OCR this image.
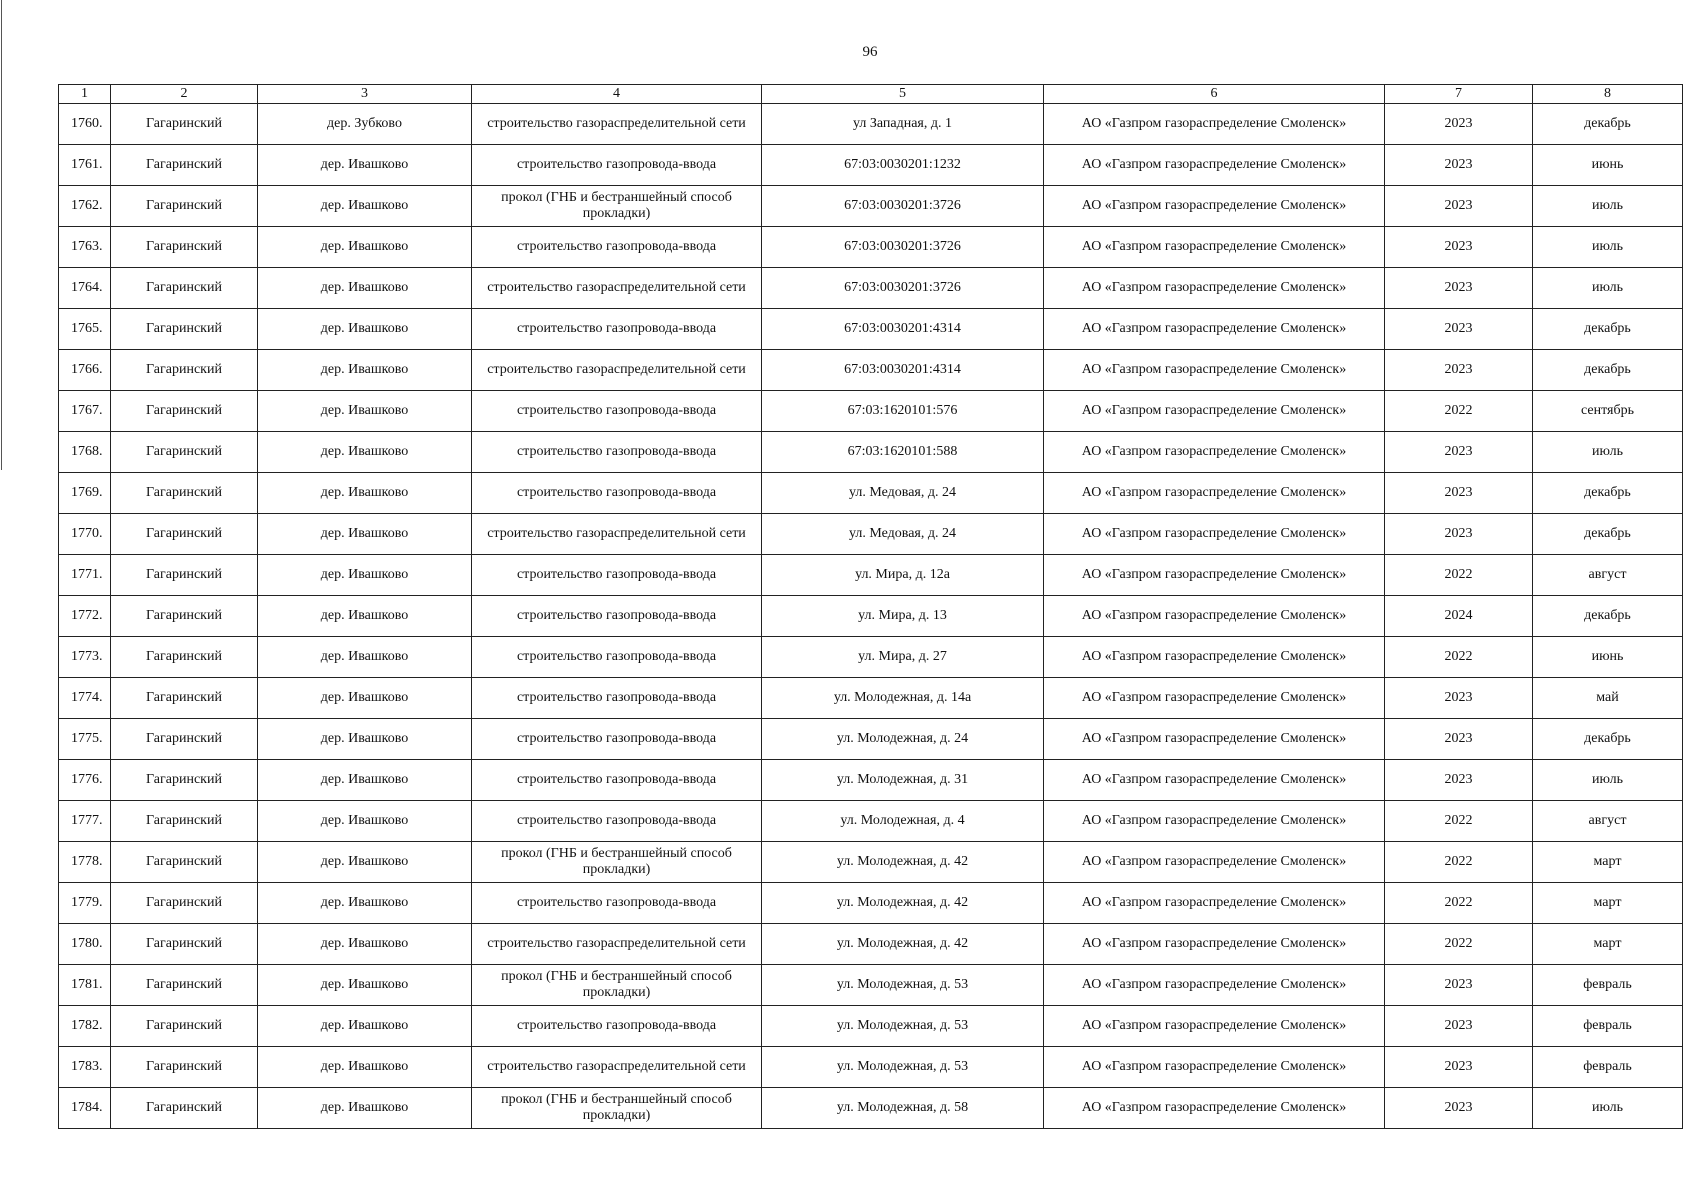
96
1	2	3	4	5	6	7	8
1760.	Гагаринский	дер. Зубково	строительство газораспределительной сети	ул Западная, д. 1	АО «Газпром газораспределение Смоленск»	2023	декабрь
1761.	Гагаринский	дер. Ивашково	строительство газопровода-ввода	67:03:0030201:1232	АО «Газпром газораспределение Смоленск»	2023	июнь
1762.	Гагаринский	дер. Ивашково	прокол (ГНБ и бестраншейный способ прокладки)	67:03:0030201:3726	АО «Газпром газораспределение Смоленск»	2023	июль
1763.	Гагаринский	дер. Ивашково	строительство газопровода-ввода	67:03:0030201:3726	АО «Газпром газораспределение Смоленск»	2023	июль
1764.	Гагаринский	дер. Ивашково	строительство газораспределительной сети	67:03:0030201:3726	АО «Газпром газораспределение Смоленск»	2023	июль
1765.	Гагаринский	дер. Ивашково	строительство газопровода-ввода	67:03:0030201:4314	АО «Газпром газораспределение Смоленск»	2023	декабрь
1766.	Гагаринский	дер. Ивашково	строительство газораспределительной сети	67:03:0030201:4314	АО «Газпром газораспределение Смоленск»	2023	декабрь
1767.	Гагаринский	дер. Ивашково	строительство газопровода-ввода	67:03:1620101:576	АО «Газпром газораспределение Смоленск»	2022	сентябрь
1768.	Гагаринский	дер. Ивашково	строительство газопровода-ввода	67:03:1620101:588	АО «Газпром газораспределение Смоленск»	2023	июль
1769.	Гагаринский	дер. Ивашково	строительство газопровода-ввода	ул. Медовая, д. 24	АО «Газпром газораспределение Смоленск»	2023	декабрь
1770.	Гагаринский	дер. Ивашково	строительство газораспределительной сети	ул. Медовая, д. 24	АО «Газпром газораспределение Смоленск»	2023	декабрь
1771.	Гагаринский	дер. Ивашково	строительство газопровода-ввода	ул. Мира, д. 12а	АО «Газпром газораспределение Смоленск»	2022	август
1772.	Гагаринский	дер. Ивашково	строительство газопровода-ввода	ул. Мира, д. 13	АО «Газпром газораспределение Смоленск»	2024	декабрь
1773.	Гагаринский	дер. Ивашково	строительство газопровода-ввода	ул. Мира, д. 27	АО «Газпром газораспределение Смоленск»	2022	июнь
1774.	Гагаринский	дер. Ивашково	строительство газопровода-ввода	ул. Молодежная, д. 14а	АО «Газпром газораспределение Смоленск»	2023	май
1775.	Гагаринский	дер. Ивашково	строительство газопровода-ввода	ул. Молодежная, д. 24	АО «Газпром газораспределение Смоленск»	2023	декабрь
1776.	Гагаринский	дер. Ивашково	строительство газопровода-ввода	ул. Молодежная, д. 31	АО «Газпром газораспределение Смоленск»	2023	июль
1777.	Гагаринский	дер. Ивашково	строительство газопровода-ввода	ул. Молодежная, д. 4	АО «Газпром газораспределение Смоленск»	2022	август
1778.	Гагаринский	дер. Ивашково	прокол (ГНБ и бестраншейный способ прокладки)	ул. Молодежная, д. 42	АО «Газпром газораспределение Смоленск»	2022	март
1779.	Гагаринский	дер. Ивашково	строительство газопровода-ввода	ул. Молодежная, д. 42	АО «Газпром газораспределение Смоленск»	2022	март
1780.	Гагаринский	дер. Ивашково	строительство газораспределительной сети	ул. Молодежная, д. 42	АО «Газпром газораспределение Смоленск»	2022	март
1781.	Гагаринский	дер. Ивашково	прокол (ГНБ и бестраншейный способ прокладки)	ул. Молодежная, д. 53	АО «Газпром газораспределение Смоленск»	2023	февраль
1782.	Гагаринский	дер. Ивашково	строительство газопровода-ввода	ул. Молодежная, д. 53	АО «Газпром газораспределение Смоленск»	2023	февраль
1783.	Гагаринский	дер. Ивашково	строительство газораспределительной сети	ул. Молодежная, д. 53	АО «Газпром газораспределение Смоленск»	2023	февраль
1784.	Гагаринский	дер. Ивашково	прокол (ГНБ и бестраншейный способ прокладки)	ул. Молодежная, д. 58	АО «Газпром газораспределение Смоленск»	2023	июль
